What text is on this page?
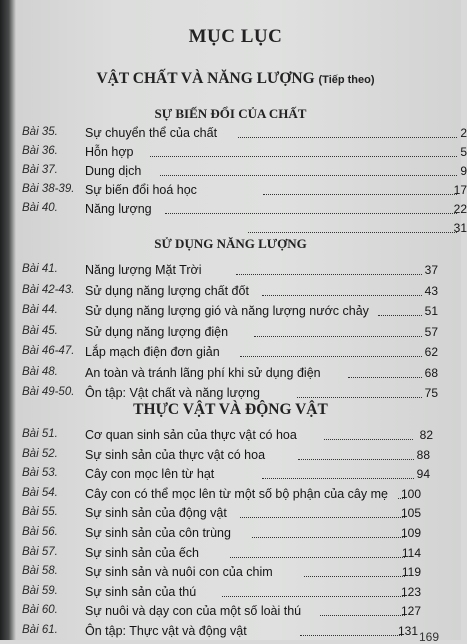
MỤC LỤC
VẬT CHẤT VÀ NĂNG LƯỢNG (Tiếp theo)
SỰ BIẾN ĐỔI CỦA CHẤT
Bài 35. Sự chuyển thể của chất	2
Bài 36. Hỗn hợp	5
Bài 37. Dung dịch	9
Bài 38-39. Sự biến đổi hoá học	17
Bài 40. Năng lượng	22
31
SỬ DỤNG NĂNG LƯỢNG
Bài 41. Năng lượng Mặt Trời	37
Bài 42-43. Sử dụng năng lượng chất đốt	43
Bài 44. Sử dụng năng lượng gió và năng lượng nước chảy	51
Bài 45. Sử dụng năng lượng điện	57
Bài 46-47. Lắp mạch điện đơn giản	62
Bài 48. An toàn và tránh lãng phí khi sử dụng điện	68
Bài 49-50. Ôn tập: Vật chất và năng lượng	75
THỰC VẬT VÀ ĐỘNG VẬT
Bài 51. Cơ quan sinh sản của thực vật có hoa	82
Bài 52. Sự sinh sản của thực vật có hoa	88
Bài 53. Cây con mọc lên từ hạt	94
Bài 54. Cây con có thể mọc lên từ một số bộ phận của cây mẹ	100
Bài 55. Sự sinh sản của động vật	105
Bài 56. Sự sinh sản của côn trùng	109
Bài 57. Sự sinh sản của ếch	114
Bài 58. Sự sinh sản và nuôi con của chim	119
Bài 59. Sự sinh sản của thú	123
Bài 60. Sự nuôi và dạy con của một số loài thú	127
Bài 61. Ôn tập: Thực vật và động vật	131 169
